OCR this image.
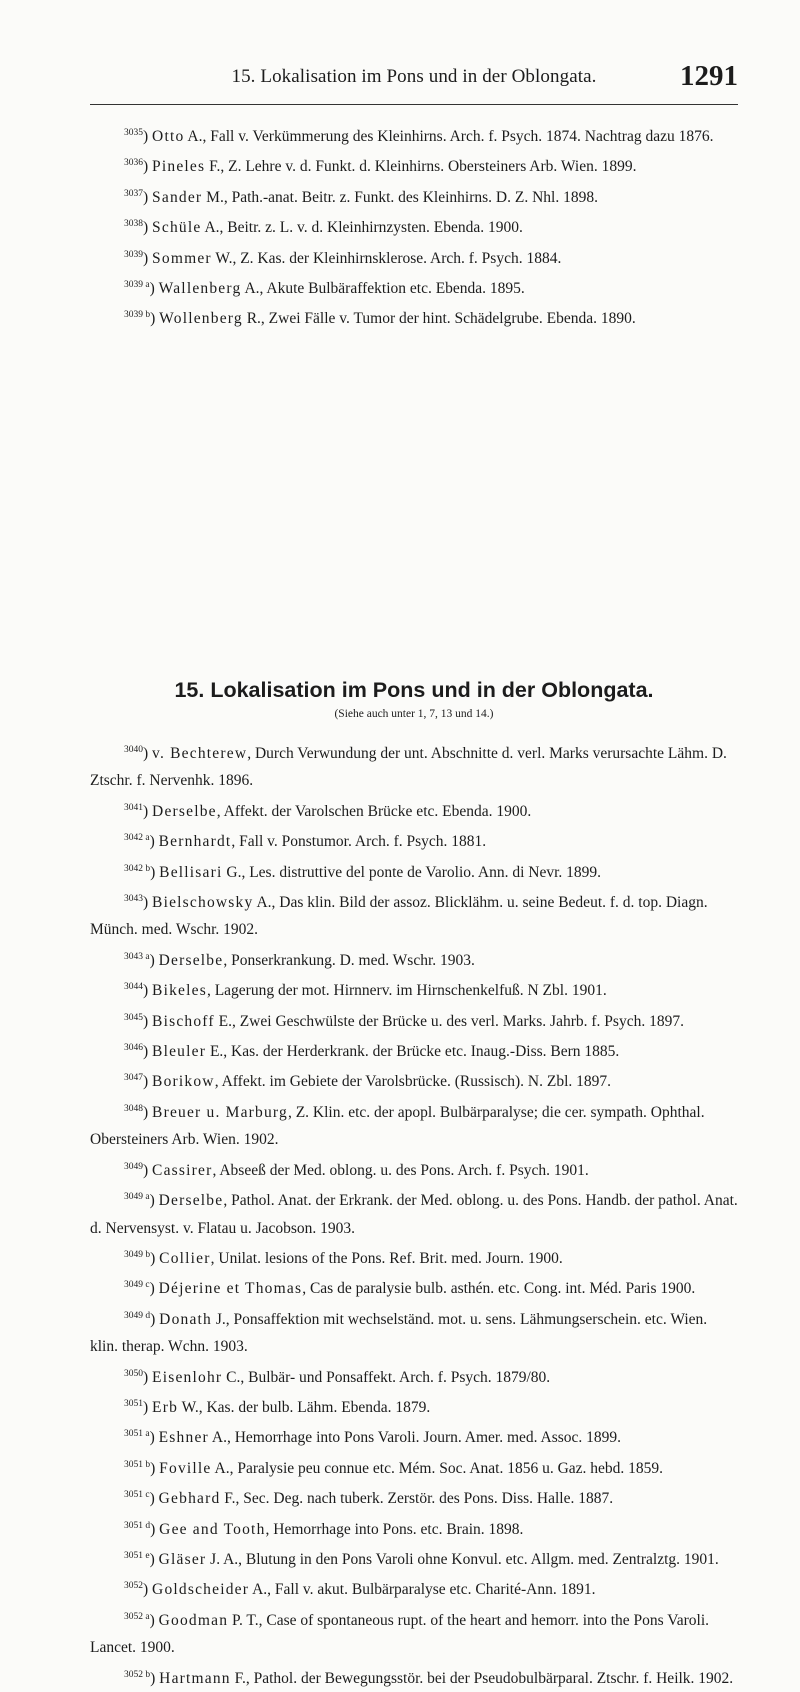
15. Lokalisation im Pons und in der Oblongata.	1291

$^{3035}$) Otto A., Fall v. Verkümmerung des Kleinhirns. Arch. f. Psych. 1874. Nachtrag dazu 1876.

$^{3036}$) Pineles F., Z. Lehre v. d. Funkt. d. Kleinhirns. Obersteiners Arb. Wien. 1899.

$^{3037}$) Sander M., Path.-anat. Beitr. z. Funkt. des Kleinhirns. D. Z. Nhl. 1898.

$^{3038}$) Schüle A., Beitr. z. L. v. d. Kleinhirnzysten. Ebenda. 1900.

$^{3039}$) Sommer W., Z. Kas. der Kleinhirnsklerose. Arch. f. Psych. 1884.

$^{3039 a}$) Wallenberg A., Akute Bulbäraffektion etc. Ebenda. 1895.

$^{3039 b}$) Wollenberg R., Zwei Fälle v. Tumor der hint. Schädelgrube. Ebenda. 1890.

15. Lokalisation im Pons und in der Oblongata.
(Siehe auch unter 1, 7, 13 und 14.)

$^{3040}$) v. Bechterew, Durch Verwundung der unt. Abschnitte d. verl. Marks verursachte Lähm. D. Ztschr. f. Nervenhk. 1896.

$^{3041}$) Derselbe, Affekt. der Varolschen Brücke etc. Ebenda. 1900.

$^{3042 a}$) Bernhardt, Fall v. Ponstumor. Arch. f. Psych. 1881.

$^{3042 b}$) Bellisari G., Les. distruttive del ponte de Varolio. Ann. di Nevr. 1899.

$^{3043}$) Bielschowsky A., Das klin. Bild der assoz. Blicklähm. u. seine Bedeut. f. d. top. Diagn. Münch. med. Wschr. 1902.

$^{3043 a}$) Derselbe, Ponserkrankung. D. med. Wschr. 1903.

$^{3044}$) Bikeles, Lagerung der mot. Hirnnerv. im Hirnschenkelfuß. N Zbl. 1901.

$^{3045}$) Bischoff E., Zwei Geschwülste der Brücke u. des verl. Marks. Jahrb. f. Psych. 1897.

$^{3046}$) Bleuler E., Kas. der Herderkrank. der Brücke etc. Inaug.-Diss. Bern 1885.

$^{3047}$) Borikow, Affekt. im Gebiete der Varolsbrücke. (Russisch). N. Zbl. 1897.

$^{3048}$) Breuer u. Marburg, Z. Klin. etc. der apopl. Bulbärparalyse; die cer. sympath. Ophthal. Obersteiners Arb. Wien. 1902.

$^{3049}$) Cassirer, Abseeß der Med. oblong. u. des Pons. Arch. f. Psych. 1901.

$^{3049 a}$) Derselbe, Pathol. Anat. der Erkrank. der Med. oblong. u. des Pons. Handb. der pathol. Anat. d. Nervensyst. v. Flatau u. Jacobson. 1903.

$^{3049 b}$) Collier, Unilat. lesions of the Pons. Ref. Brit. med. Journ. 1900.

$^{3049 c}$) Déjerine et Thomas, Cas de paralysie bulb. asthén. etc. Cong. int. Méd. Paris 1900.

$^{3049 d}$) Donath J., Ponsaffektion mit wechselständ. mot. u. sens. Lähmungserschein. etc. Wien. klin. therap. Wchn. 1903.

$^{3050}$) Eisenlohr C., Bulbär- und Ponsaffekt. Arch. f. Psych. 1879/80.

$^{3051}$) Erb W., Kas. der bulb. Lähm. Ebenda. 1879.

$^{3051 a}$) Eshner A., Hemorrhage into Pons Varoli. Journ. Amer. med. Assoc. 1899.

$^{3051 b}$) Foville A., Paralysie peu connue etc. Mém. Soc. Anat. 1856 u. Gaz. hebd. 1859.

$^{3051 c}$) Gebhard F., Sec. Deg. nach tuberk. Zerstör. des Pons. Diss. Halle. 1887.

$^{3051 d}$) Gee and Tooth, Hemorrhage into Pons. etc. Brain. 1898.

$^{3051 e}$) Gläser J. A., Blutung in den Pons Varoli ohne Konvul. etc. Allgm. med. Zentralztg. 1901.

$^{3052}$) Goldscheider A., Fall v. akut. Bulbärparalyse etc. Charité-Ann. 1891.

$^{3052 a}$) Goodman P. T., Case of spontaneous rupt. of the heart and hemorr. into the Pons Varoli. Lancet. 1900.

$^{3052 b}$) Hartmann F., Pathol. der Bewegungsstör. bei der Pseudobulbärparal. Ztschr. f. Heilk. 1902.
